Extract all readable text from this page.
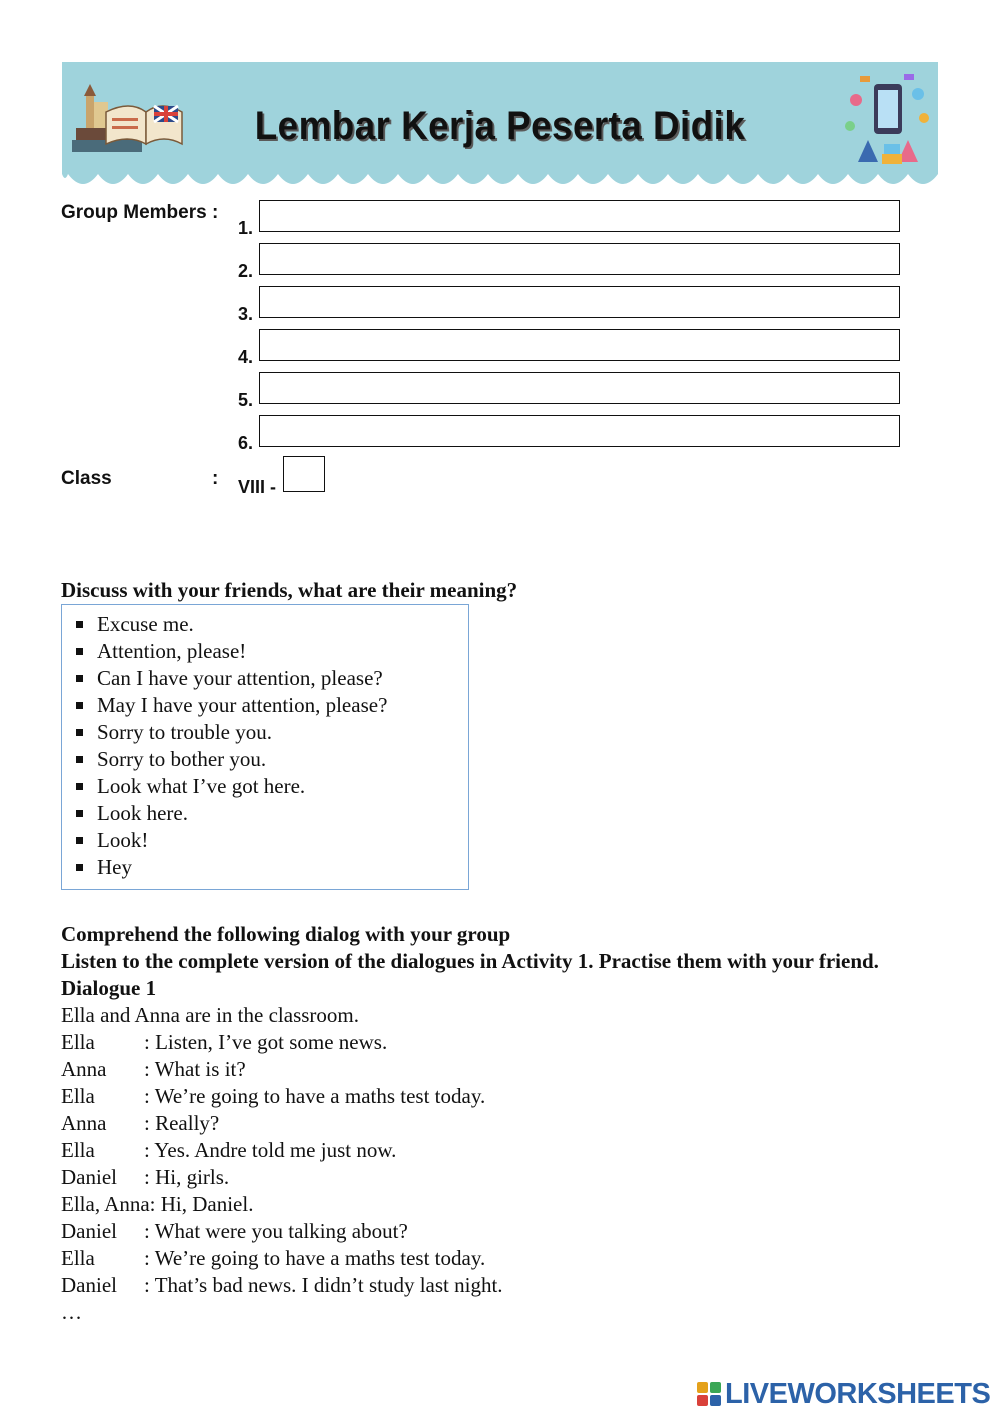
Lembar Kerja Peserta Didik
Group Members :
1.
2.
3.
4.
5.
6.
Class	: VIII -
Discuss with your friends, what are their meaning?
Excuse me.
Attention, please!
Can I have your attention, please?
May I have your attention, please?
Sorry to trouble you.
Sorry to bother you.
Look what I’ve got here.
Look here.
Look!
Hey
Comprehend the following dialog with your group
Listen to the complete version of the dialogues in Activity 1. Practise them with your friend.
Dialogue 1
Ella and Anna are in the classroom.
Ella : Listen, I’ve got some news.
Anna : What is it?
Ella : We’re going to have a maths test today.
Anna : Really?
Ella : Yes. Andre told me just now.
Daniel : Hi, girls.
Ella, Anna: Hi, Daniel.
Daniel : What were you talking about?
Ella : We’re going to have a maths test today.
Daniel : That’s bad news. I didn’t study last night.
…
LIVEWORKSHEETS
